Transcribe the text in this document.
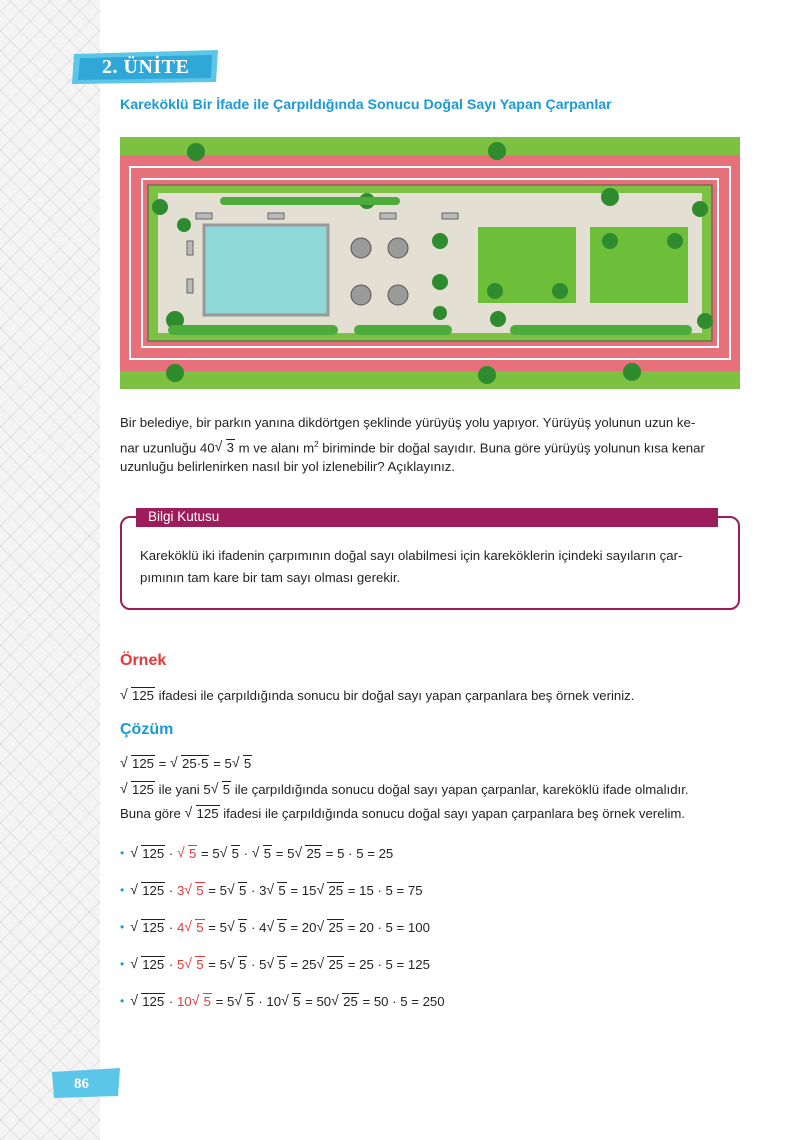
2. ÜNİTE
Kareköklü Bir İfade ile Çarpıldığında Sonucu Doğal Sayı Yapan Çarpanlar
Bir belediye, bir parkın yanına dikdörtgen şeklinde yürüyüş yolu yapıyor. Yürüyüş yolunun uzun ke-
nar uzunluğu 40 √ 3 m ve alanı $m^2$ biriminde bir doğal sayıdır. Buna göre yürüyüş yolunun kısa kenar
uzunluğu belirlenirken nasıl bir yol izlenebilir? Açıklayınız.
Bilgi Kutusu
Kareköklü iki ifadenin çarpımının doğal sayı olabilmesi için kareköklerin içindeki sayıların çar-
pımının tam kare bir tam sayı olması gerekir.
Örnek
√ 125 ifadesi ile çarpıldığında sonucu bir doğal sayı yapan çarpanlara beş örnek veriniz.
Çözüm
√ 125 = √ 25·5 = 5 √ 5
√ 125 ile yani 5 √ 5 ile çarpıldığında sonucu doğal sayı yapan çarpanlar, kareköklü ifade olmalıdır.
Buna göre √ 125 ifadesi ile çarpıldığında sonucu doğal sayı yapan çarpanlara beş örnek verelim.
• √ 125 · √ 5 = 5 √ 5 · √ 5 = 5 √ 25 = 5 · 5 = 25
• √ 125 · 3 √ 5 = 5 √ 5 · 3 √ 5 = 15 √ 25 = 15 · 5 = 75
• √ 125 · 4 √ 5 = 5 √ 5 · 4 √ 5 = 20 √ 25 = 20 · 5 = 100
• √ 125 · 5 √ 5 = 5 √ 5 · 5 √ 5 = 25 √ 25 = 25 · 5 = 125
• √ 125 · 10 √ 5 = 5 √ 5 · 10 √ 5 = 50 √ 25 = 50 · 5 = 250
86
